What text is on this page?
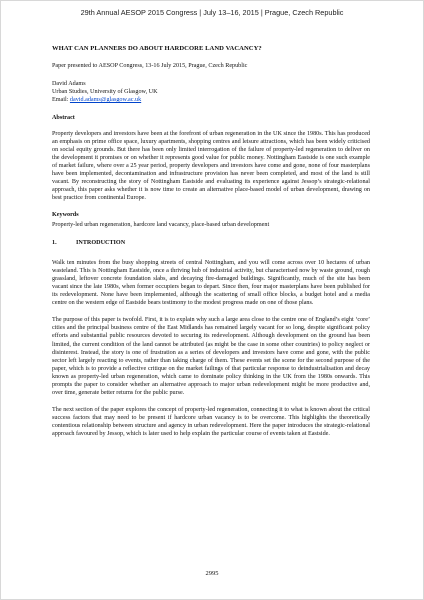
29th Annual AESOP 2015 Congress | July 13–16, 2015 | Prague, Czech Republic

WHAT CAN PLANNERS DO ABOUT HARDCORE LAND VACANCY?

Paper presented to AESOP Congress, 13-16 July 2015, Prague, Czech Republic

David Adams

Urban Studies, University of Glasgow, UK

Email: david.adams@glasgow.ac.uk

Abstract

Property developers and investors have been at the forefront of urban regeneration in the UK since the 1980s. This has produced an emphasis on prime office space, luxury apartments, shopping centres and leisure attractions, which has been widely criticised on social equity grounds. But there has been only limited interrogation of the failure of property-led regeneration to deliver on the development it promises or on whether it represents good value for public money. Nottingham Eastside is one such example of market failure, where over a 25 year period, property developers and investors have come and gone, none of four masterplans have been implemented, decontamination and infrastructure provision has never been completed, and most of the land is still vacant. By reconstructing the story of Nottingham Eastside and evaluating its experience against Jessop’s strategic-relational approach, this paper asks whether it is now time to create an alternative place-based model of urban development, drawing on best practice from continental Europe.

Keywords

Property-led urban regeneration, hardcore land vacancy, place-based urban development

1.	INTRODUCTION

Walk ten minutes from the busy shopping streets of central Nottingham, and you will come across over 10 hectares of urban wasteland. This is Nottingham Eastside, once a thriving hub of industrial activity, but characterised now by waste ground, rough grassland, leftover concrete foundation slabs, and decaying fire-damaged buildings. Significantly, much of the site has been vacant since the late 1980s, when former occupiers began to depart. Since then, four major masterplans have been published for its redevelopment. None have been implemented, although the scattering of small office blocks, a budget hotel and a media centre on the western edge of Eastside bears testimony to the modest progress made on one of those plans.

The purpose of this paper is twofold. First, it is to explain why such a large area close to the centre one of England’s eight ‘core’ cities and the principal business centre of the East Midlands has remained largely vacant for so long, despite significant policy efforts and substantial public resources devoted to securing its redevelopment. Although development on the ground has been limited, the current condition of the land cannot be attributed (as might be the case in some other countries) to policy neglect or disinterest. Instead, the story is one of frustration as a series of developers and investors have come and gone, with the public sector left largely reacting to events, rather than taking charge of them. These events set the scene for the second purpose of the paper, which is to provide a reflective critique on the market failings of that particular response to deindustrialisation and decay known as property-led urban regeneration, which came to dominate policy thinking in the UK from the 1980s onwards. This prompts the paper to consider whether an alternative approach to major urban redevelopment might be more productive and, over time, generate better returns for the public purse.

The next section of the paper explores the concept of property-led regeneration, connecting it to what is known about the critical success factors that may need to be present if hardcore urban vacancy is to be overcome. This highlights the theoretically contentious relationship between structure and agency in urban redevelopment. Here the paper introduces the strategic-relational approach favoured by Jessop, which is later used to help explain the particular course of events taken at Eastside.

2995
